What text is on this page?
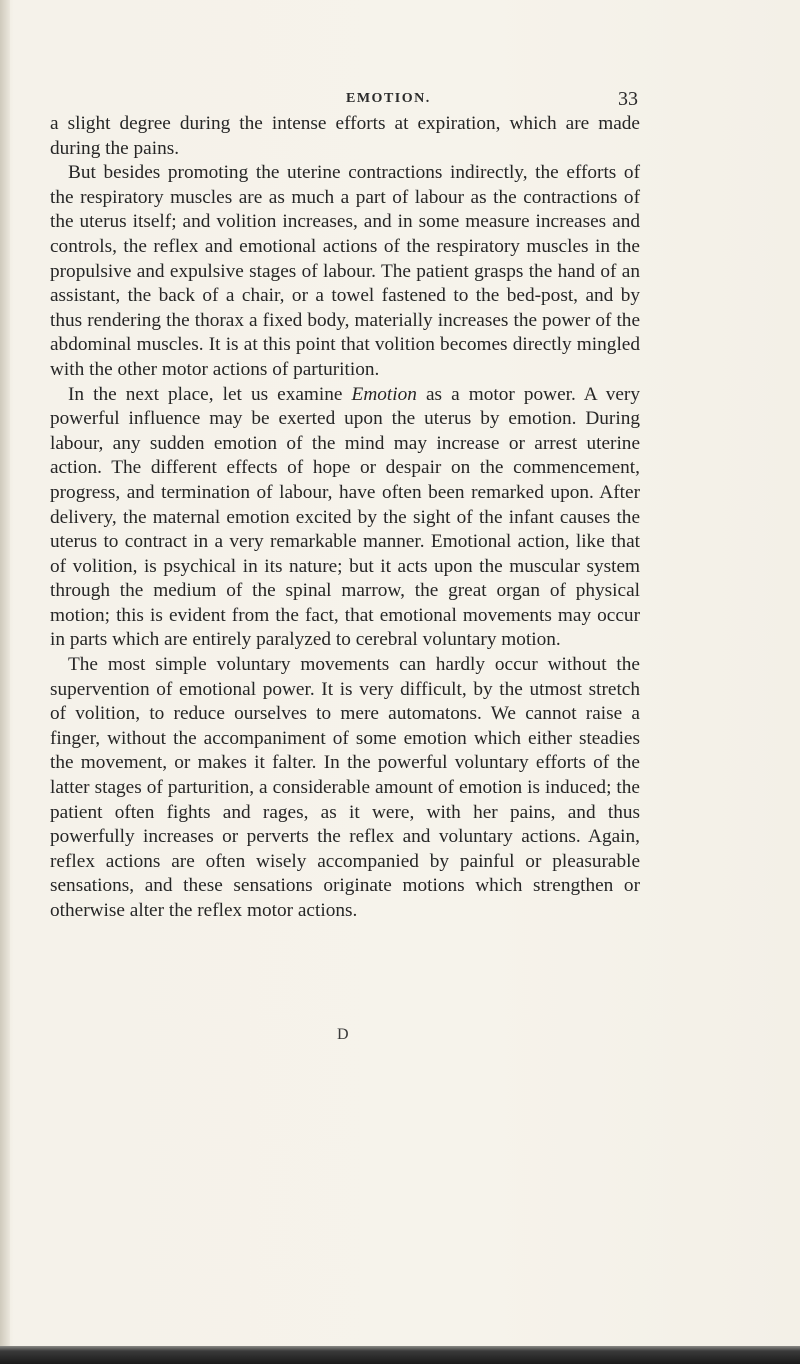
EMOTION.	33

a slight degree during the intense efforts at expiration, which are made during the pains.

But besides promoting the uterine contractions indirectly, the efforts of the respiratory muscles are as much a part of labour as the contractions of the uterus itself; and volition increases, and in some measure increases and controls, the reflex and emotional actions of the respiratory muscles in the propulsive and expulsive stages of labour. The patient grasps the hand of an assistant, the back of a chair, or a towel fastened to the bed-post, and by thus rendering the thorax a fixed body, materially increases the power of the abdominal muscles. It is at this point that volition becomes directly mingled with the other motor actions of parturition.

In the next place, let us examine Emotion as a motor power. A very powerful influence may be exerted upon the uterus by emotion. During labour, any sudden emotion of the mind may increase or arrest uterine action. The different effects of hope or despair on the commencement, progress, and termination of labour, have often been remarked upon. After delivery, the maternal emotion excited by the sight of the infant causes the uterus to contract in a very remarkable manner. Emotional action, like that of volition, is psychical in its nature; but it acts upon the muscular system through the medium of the spinal marrow, the great organ of physical motion; this is evident from the fact, that emotional movements may occur in parts which are entirely paralyzed to cerebral voluntary motion.

The most simple voluntary movements can hardly occur without the supervention of emotional power. It is very difficult, by the utmost stretch of volition, to reduce ourselves to mere automatons. We cannot raise a finger, without the accompaniment of some emotion which either steadies the movement, or makes it falter. In the powerful voluntary efforts of the latter stages of parturition, a considerable amount of emotion is induced; the patient often fights and rages, as it were, with her pains, and thus powerfully increases or perverts the reflex and voluntary actions. Again, reflex actions are often wisely accompanied by painful or pleasurable sensations, and these sensations originate motions which strengthen or otherwise alter the reflex motor actions.

D
